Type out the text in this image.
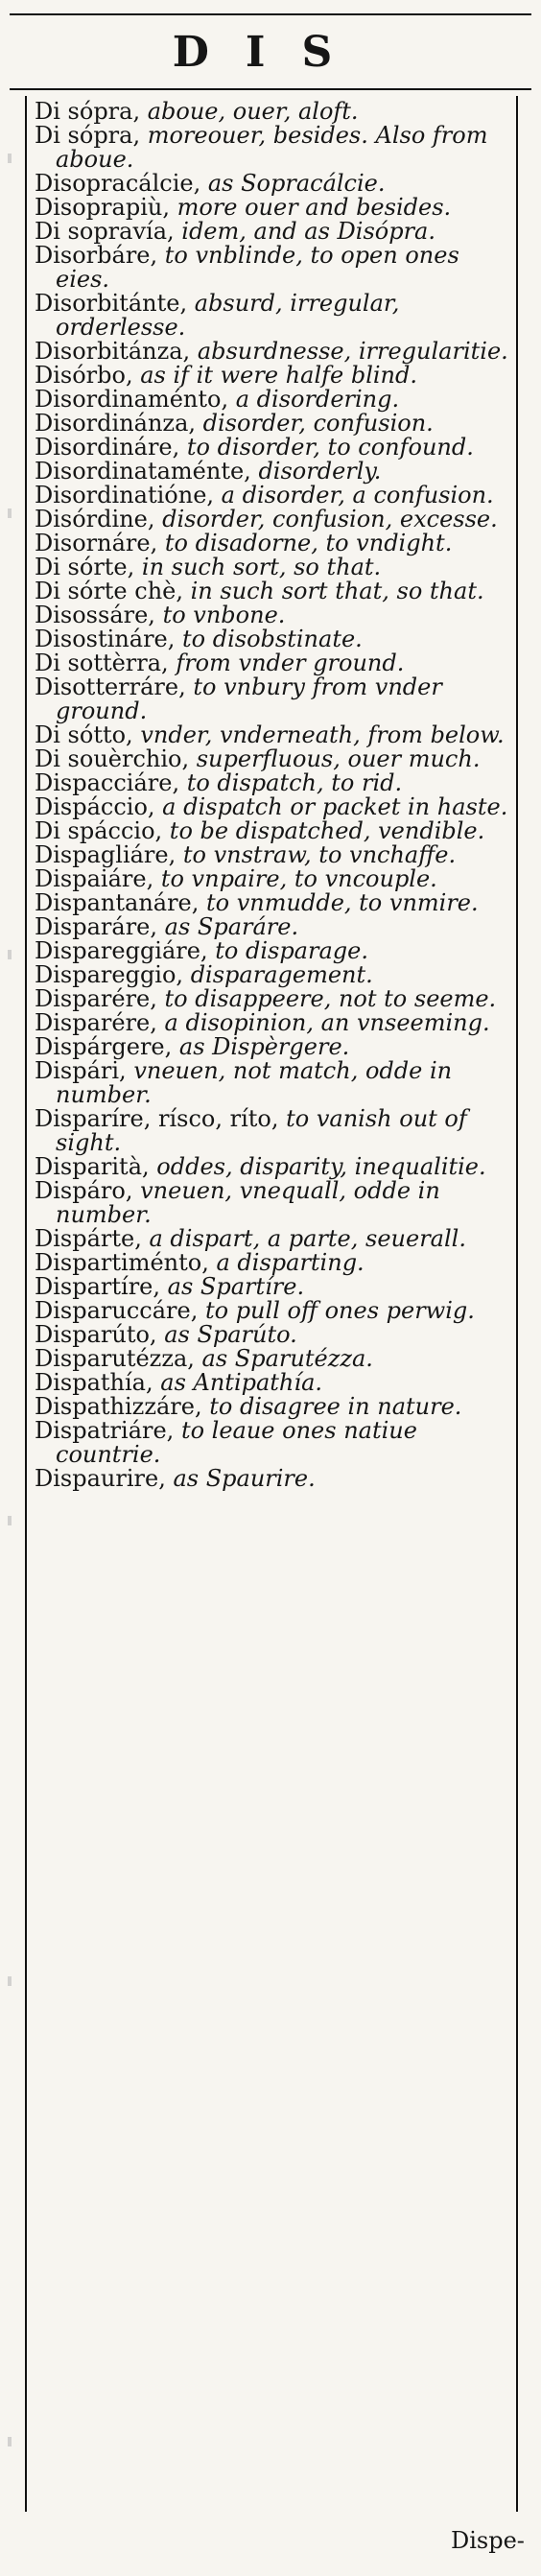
DIS

Di sópra, aboue, ouer, aloft.

Di sópra, moreouer, besides. Also from aboue.

Disopracálcie, as Sopracálcie.

Disoprapiù, more ouer and besides.

Di sopravía, idem, and as Disópra.

Disorbáre, to vnblinde, to open ones eies.

Disorbitánte, absurd, irregular, orderlesse.

Disorbitánza, absurdnesse, irregularitie.

Disórbo, as if it were halfe blind.

Disordinaménto, a disordering.

Disordinánza, disorder, confusion.

Disordináre, to disorder, to confound.

Disordinataménte, disorderly.

Disordinatióne, a disorder, a confusion.

Disórdine, disorder, confusion, excesse.

Disornáre, to disadorne, to vndight.

Di sórte, in such sort, so that.

Di sórte chè, in such sort that, so that.

Disossáre, to vnbone.

Disostináre, to disobstinate.

Di sottèrra, from vnder ground.

Disotterráre, to vnbury from vnder ground.

Di sótto, vnder, vnderneath, from below.

Di souèrchio, superfluous, ouer much.

Dispacciáre, to dispatch, to rid.

Dispáccio, a dispatch or packet in haste.

Di spáccio, to be dispatched, vendible.

Dispagliáre, to vnstraw, to vnchaffe.

Dispaiáre, to vnpaire, to vncouple.

Dispantanáre, to vnmudde, to vnmire.

Disparáre, as Sparáre.

Dispareggiáre, to disparage.

Dispareggio, disparagement.

Disparére, to disappeere, not to seeme.

Disparére, a disopinion, an vnseeming.

Dispárgere, as Dispèrgere.

Dispári, vneuen, not match, odde in number.

Disparíre, rísco, ríto, to vanish out of sight.

Disparità, oddes, disparity, inequalitie.

Dispáro, vneuen, vnequall, odde in number.

Dispárte, a dispart, a parte, seuerall.

Dispartiménto, a disparting.

Dispartíre, as Spartíre.

Disparuccáre, to pull off ones perwig.

Disparúto, as Sparúto.

Disparutézza, as Sparutézza.

Dispathía, as Antipathía.

Dispathizzáre, to disagree in nature.

Dispatriáre, to leaue ones natiue countrie.

Dispaurire, as Spaurire.

Dispe-
